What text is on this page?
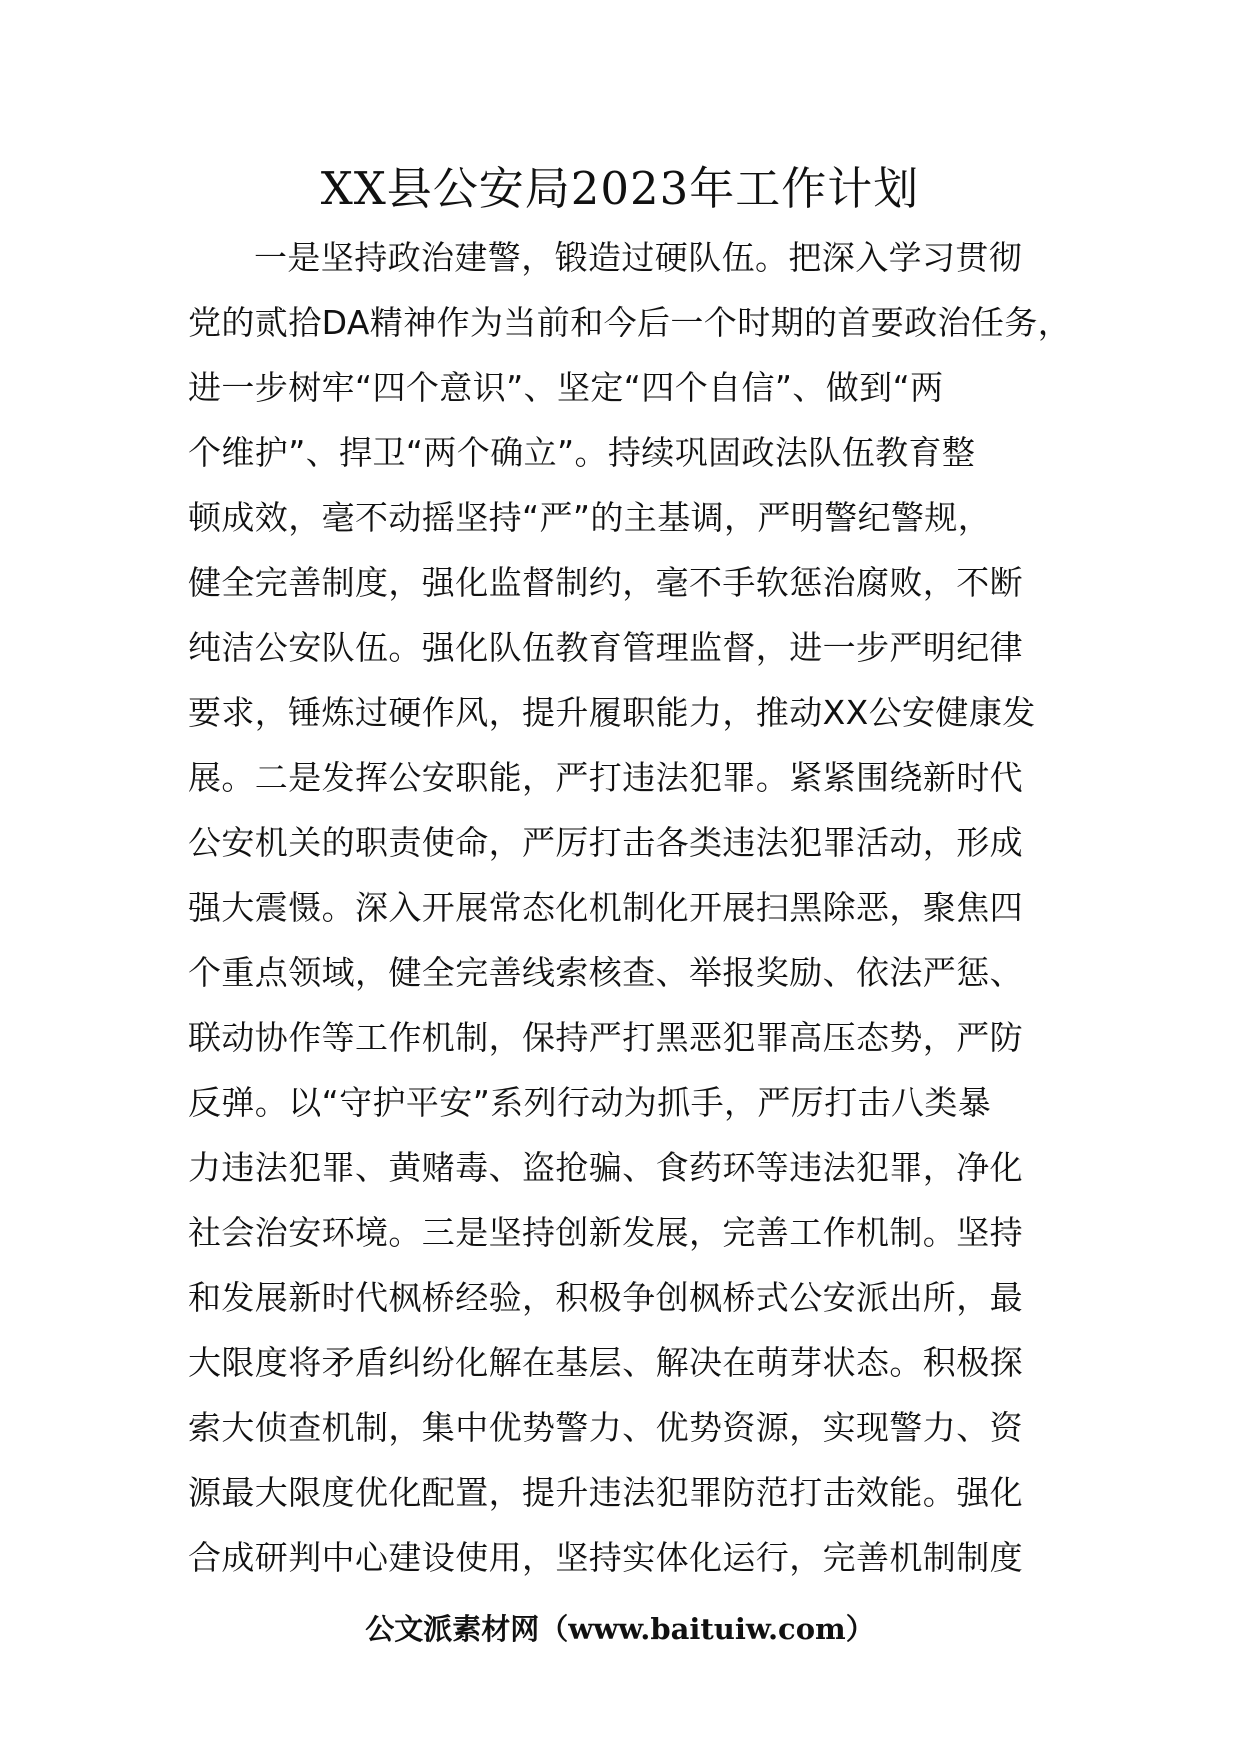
XX县公安局2023年工作计划
一是坚持政治建警，锻造过硬队伍。把深入学习贯彻
党的贰拾DA精神作为当前和今后一个时期的首要政治任务，
进一步树牢“四个意识”、坚定“四个自信”、做到“两
个维护”、捍卫“两个确立”。持续巩固政法队伍教育整
顿成效，毫不动摇坚持“严”的主基调，严明警纪警规，
健全完善制度，强化监督制约，毫不手软惩治腐败，不断
纯洁公安队伍。强化队伍教育管理监督，进一步严明纪律
要求，锤炼过硬作风，提升履职能力，推动XX公安健康发
展。二是发挥公安职能，严打违法犯罪。紧紧围绕新时代
公安机关的职责使命，严厉打击各类违法犯罪活动，形成
强大震慑。深入开展常态化机制化开展扫黑除恶，聚焦四
个重点领域，健全完善线索核查、举报奖励、依法严惩、
联动协作等工作机制，保持严打黑恶犯罪高压态势，严防
反弹。以“守护平安”系列行动为抓手，严厉打击八类暴
力违法犯罪、黄赌毒、盗抢骗、食药环等违法犯罪，净化
社会治安环境。三是坚持创新发展，完善工作机制。坚持
和发展新时代枫桥经验，积极争创枫桥式公安派出所，最
大限度将矛盾纠纷化解在基层、解决在萌芽状态。积极探
索大侦查机制，集中优势警力、优势资源，实现警力、资
源最大限度优化配置，提升违法犯罪防范打击效能。强化
合成研判中心建设使用，坚持实体化运行，完善机制制度
公文派素材网（www.baituiw.com）
